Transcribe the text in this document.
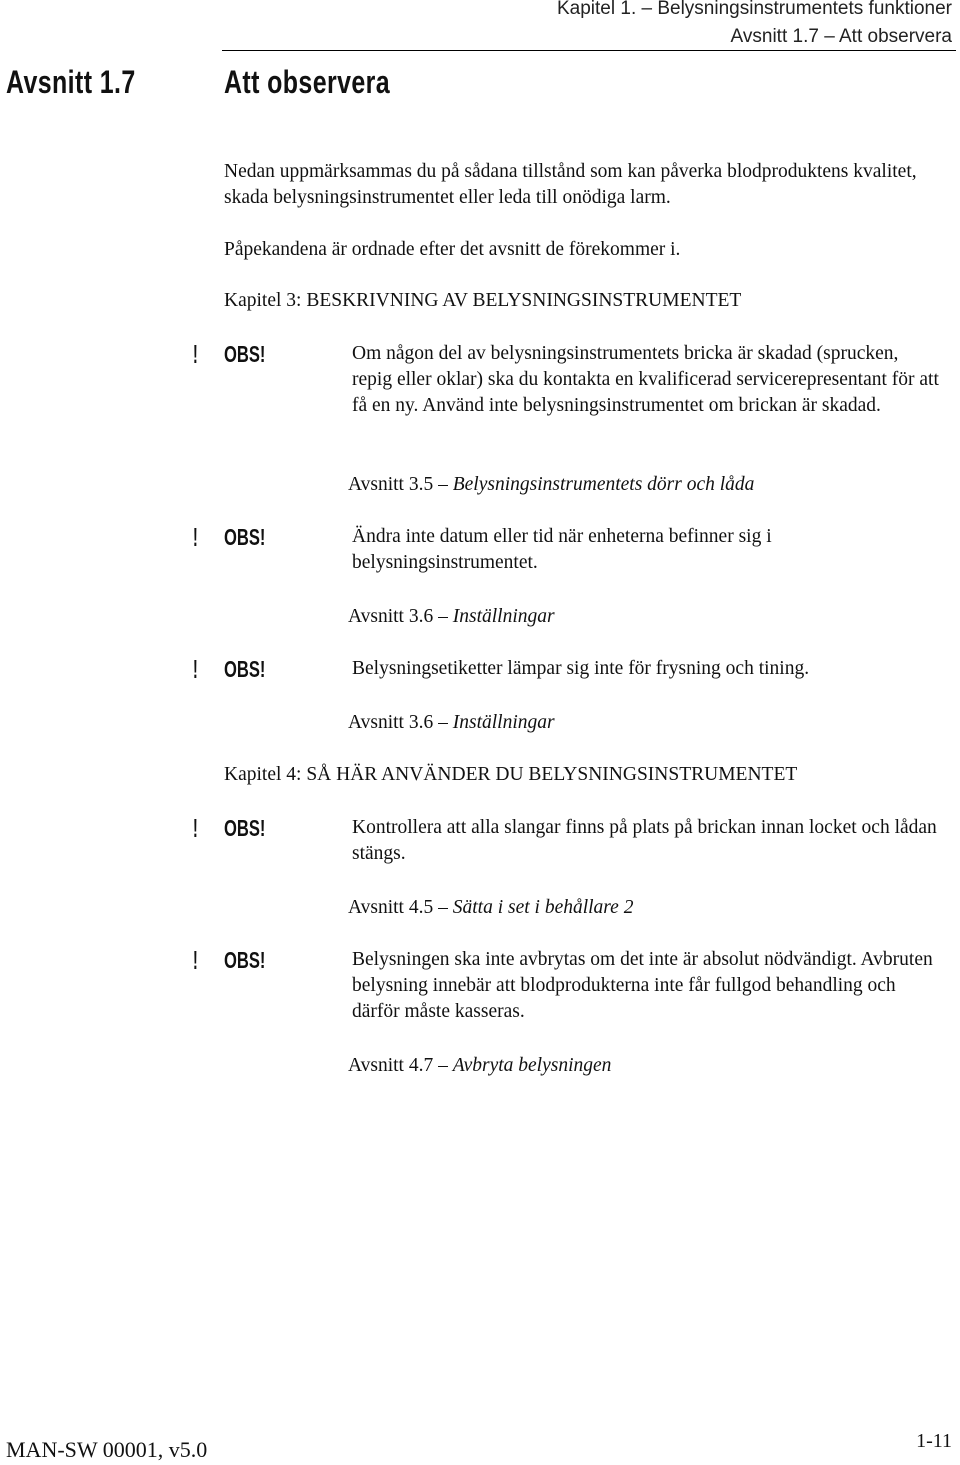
Kapitel 1. – Belysningsinstrumentets funktioner
Avsnitt 1.7 – Att observera
Avsnitt 1.7	Att observera
Nedan uppmärksammas du på sådana tillstånd som kan påverka blodproduktens kvalitet, skada belysningsinstrumentet eller leda till onödiga larm.
Påpekandena är ordnade efter det avsnitt de förekommer i.
Kapitel 3: BESKRIVNING AV BELYSNINGSINSTRUMENTET
! OBS!	Om någon del av belysningsinstrumentets bricka är skadad (sprucken, repig eller oklar) ska du kontakta en kvalificerad servicerepresentant för att få en ny. Använd inte belysningsinstrumentet om brickan är skadad.
Avsnitt 3.5 – Belysningsinstrumentets dörr och låda
! OBS!	Ändra inte datum eller tid när enheterna befinner sig i belysningsinstrumentet.
Avsnitt 3.6 – Inställningar
! OBS!	Belysningsetiketter lämpar sig inte för frysning och tining.
Avsnitt 3.6 – Inställningar
Kapitel 4: SÅ HÄR ANVÄNDER DU BELYSNINGSINSTRUMENTET
! OBS!	Kontrollera att alla slangar finns på plats på brickan innan locket och lådan stängs.
Avsnitt 4.5 – Sätta i set i behållare 2
! OBS!	Belysningen ska inte avbrytas om det inte är absolut nödvändigt. Avbruten belysning innebär att blodprodukterna inte får fullgod behandling och därför måste kasseras.
Avsnitt 4.7 – Avbryta belysningen
MAN-SW 00001, v5.0	1-11
